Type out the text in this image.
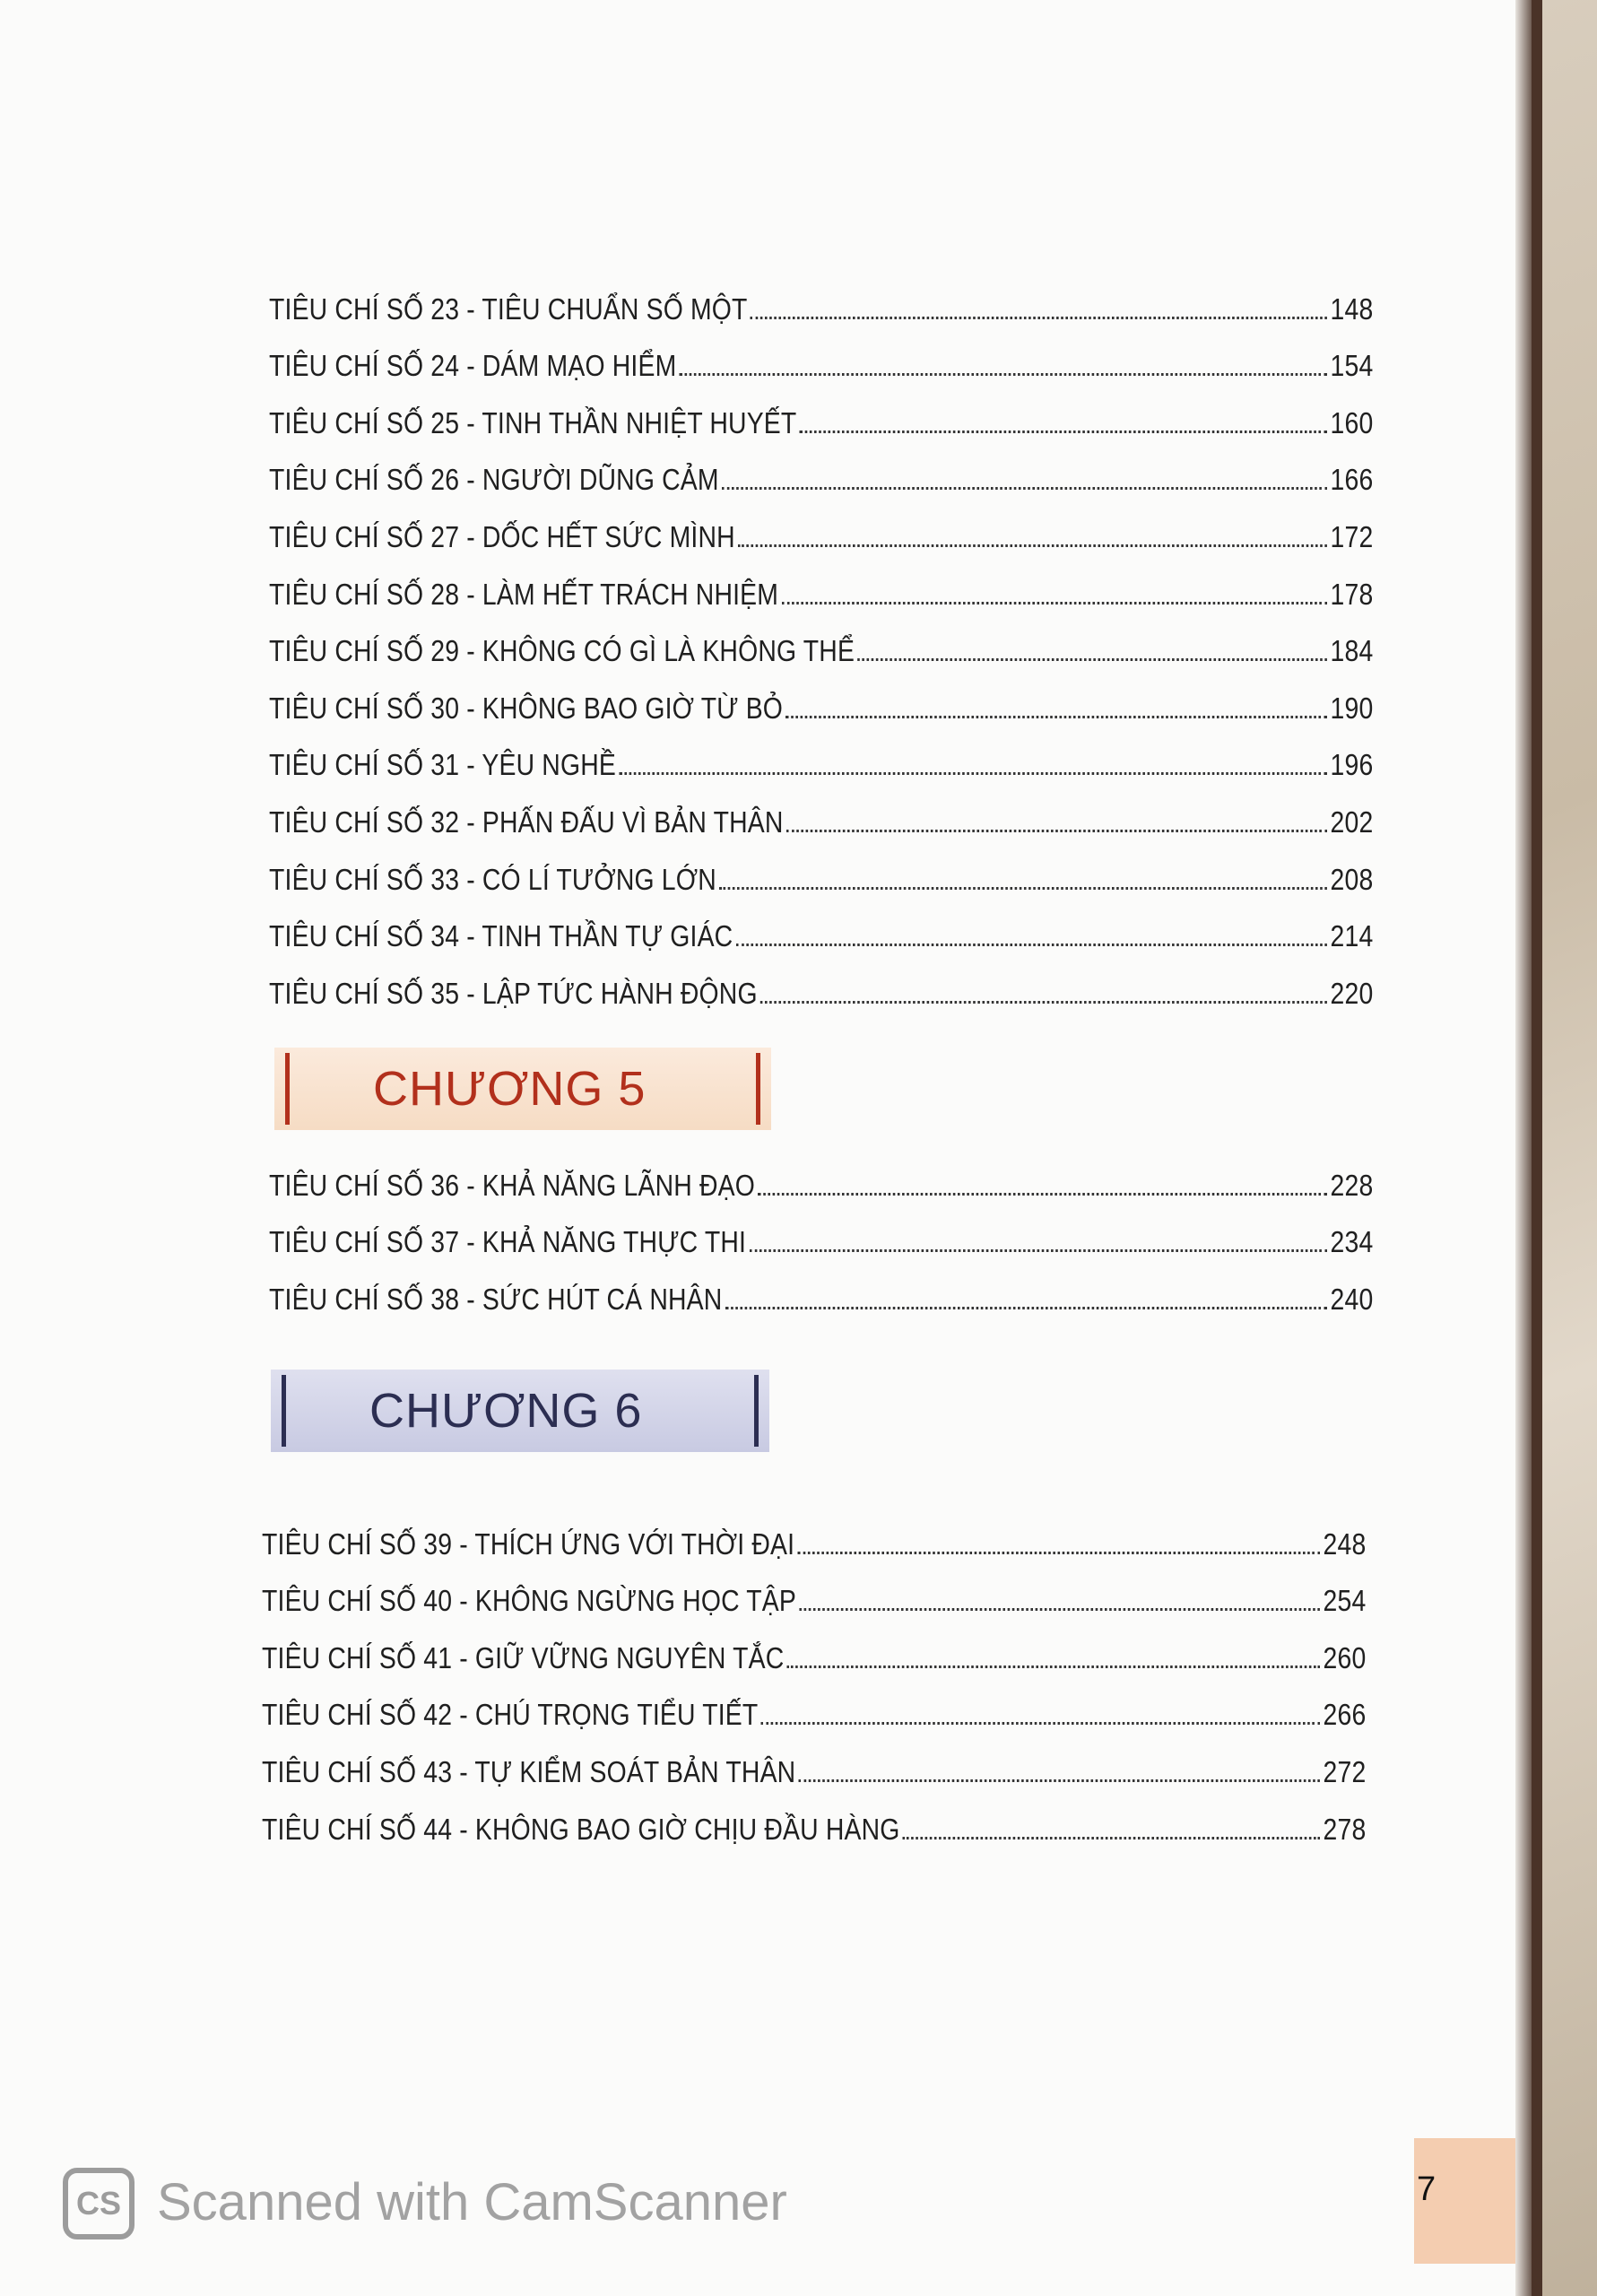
TIÊU CHÍ SỐ 23 - TIÊU CHUẨN SỐ MỘT	148
TIÊU CHÍ SỐ 24 - DÁM MẠO HIỂM	154
TIÊU CHÍ SỐ 25 - TINH THẦN NHIỆT HUYẾT	160
TIÊU CHÍ SỐ 26 - NGƯỜI DŨNG CẢM	166
TIÊU CHÍ SỐ 27 - DỐC HẾT SỨC MÌNH	172
TIÊU CHÍ SỐ 28 - LÀM HẾT TRÁCH NHIỆM	178
TIÊU CHÍ SỐ 29 - KHÔNG CÓ GÌ LÀ KHÔNG THỂ	184
TIÊU CHÍ SỐ 30 - KHÔNG BAO GIỜ TỪ BỎ	190
TIÊU CHÍ SỐ 31 - YÊU NGHỀ	196
TIÊU CHÍ SỐ 32 - PHẤN ĐẤU VÌ BẢN THÂN	202
TIÊU CHÍ SỐ 33 - CÓ LÍ TƯỞNG LỚN	208
TIÊU CHÍ SỐ 34 - TINH THẦN TỰ GIÁC	214
TIÊU CHÍ SỐ 35 - LẬP TỨC HÀNH ĐỘNG	220
CHƯƠNG 5
TIÊU CHÍ SỐ 36 - KHẢ NĂNG LÃNH ĐẠO	228
TIÊU CHÍ SỐ 37 - KHẢ NĂNG THỰC THI	234
TIÊU CHÍ SỐ 38 - SỨC HÚT CÁ NHÂN	240
CHƯƠNG 6
TIÊU CHÍ SỐ 39 - THÍCH ỨNG VỚI THỜI ĐẠI	248
TIÊU CHÍ SỐ 40 - KHÔNG NGỪNG HỌC TẬP	254
TIÊU CHÍ SỐ 41 - GIỮ VỮNG NGUYÊN TẮC	260
TIÊU CHÍ SỐ 42 - CHÚ TRỌNG TIỂU TIẾT	266
TIÊU CHÍ SỐ 43 - TỰ KIỂM SOÁT BẢN THÂN	272
TIÊU CHÍ SỐ 44 - KHÔNG BAO GIỜ CHỊU ĐẦU HÀNG	278
7
CS Scanned with CamScanner
